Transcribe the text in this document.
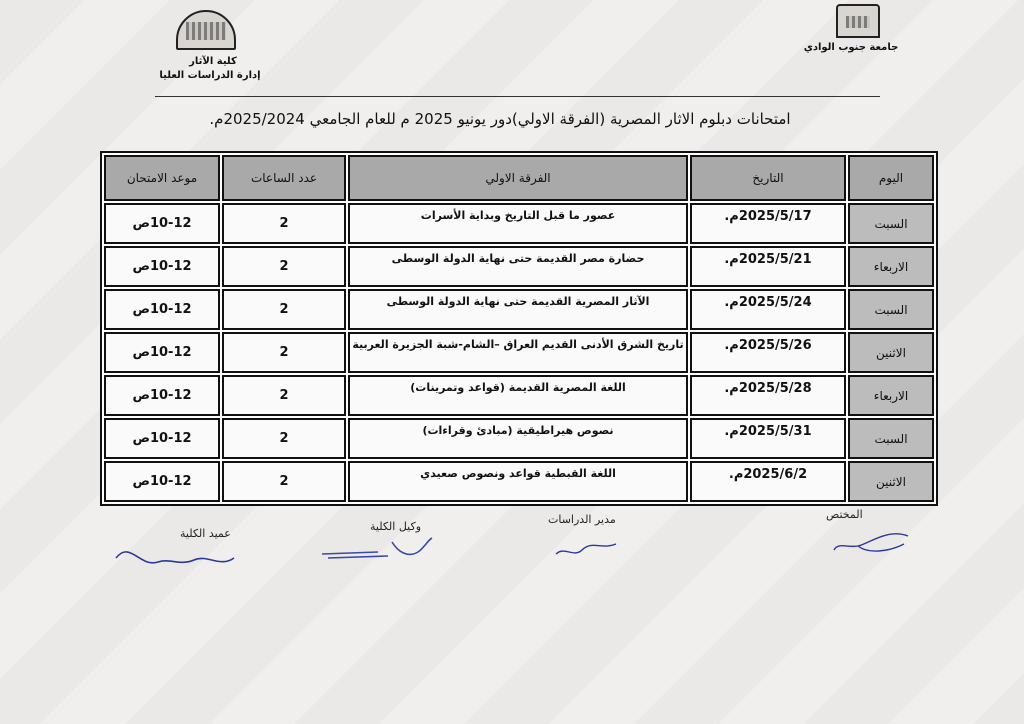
جامعة جنوب الوادي
كلية الآثار
إدارة الدراسات العليا
امتحانات دبلوم الاثار المصرية (الفرقة الاولي)دور يونيو 2025 م للعام الجامعي 2025/2024م.
اليوم	التاريخ	الفرقة الاولي	عدد الساعات	موعد الامتحان
السبت	2025/5/17م.	عصور ما قبل التاريخ وبداية الأسرات	2	10-12ص
الاربعاء	2025/5/21م.	حضارة مصر القديمة حتى نهاية الدولة الوسطى	2	10-12ص
السبت	2025/5/24م.	الآثار المصرية القديمة حتى نهاية الدولة الوسطى	2	10-12ص
الاثنين	2025/5/26م.	تاريخ الشرق الأدنى القديم العراق –الشام-شبة الجزيرة العربية	2	10-12ص
الاربعاء	2025/5/28م.	اللغة المصرية القديمة (قواعد وتمرينات)	2	10-12ص
السبت	2025/5/31م.	نصوص هيراطيقية (مبادئ وقراءات)	2	10-12ص
الاثنين	2025/6/2م.	اللغة القبطية قواعد ونصوص صعيدي	2	10-12ص
المختص
مدير الدراسات
وكيل الكلية
عميد الكلية
